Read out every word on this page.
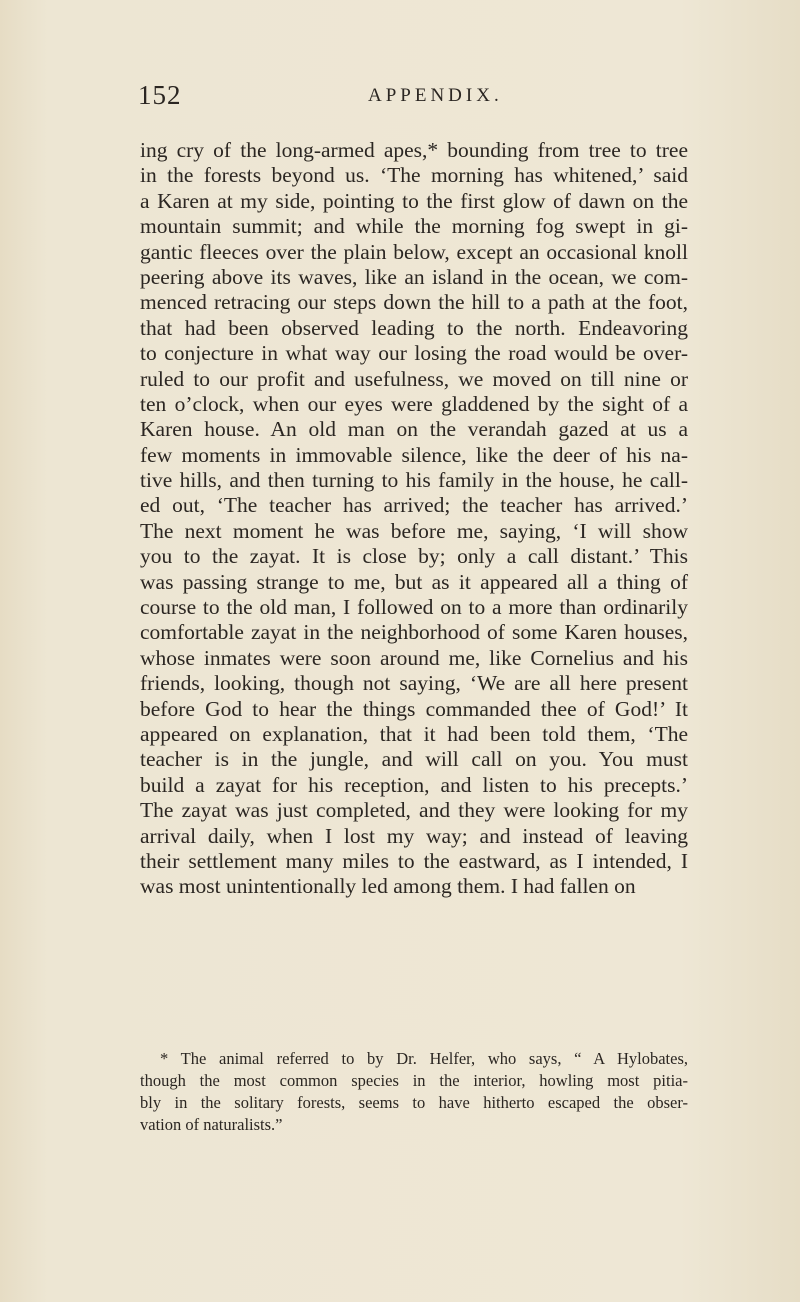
152	APPENDIX.
ing cry of the long-armed apes,* bounding from tree to tree
in the forests beyond us. ‘The morning has whitened,’ said
a Karen at my side, pointing to the first glow of dawn on the
mountain summit; and while the morning fog swept in gi-
gantic fleeces over the plain below, except an occasional knoll
peering above its waves, like an island in the ocean, we com-
menced retracing our steps down the hill to a path at the foot,
that had been observed leading to the north. Endeavoring
to conjecture in what way our losing the road would be over-
ruled to our profit and usefulness, we moved on till nine or
ten o’clock, when our eyes were gladdened by the sight of a
Karen house. An old man on the verandah gazed at us a
few moments in immovable silence, like the deer of his na-
tive hills, and then turning to his family in the house, he call-
ed out, ‘The teacher has arrived; the teacher has arrived.’
The next moment he was before me, saying, ‘I will show
you to the zayat. It is close by; only a call distant.’ This
was passing strange to me, but as it appeared all a thing of
course to the old man, I followed on to a more than ordinarily
comfortable zayat in the neighborhood of some Karen houses,
whose inmates were soon around me, like Cornelius and his
friends, looking, though not saying, ‘We are all here present
before God to hear the things commanded thee of God!’ It
appeared on explanation, that it had been told them, ‘The
teacher is in the jungle, and will call on you. You must
build a zayat for his reception, and listen to his precepts.’
The zayat was just completed, and they were looking for my
arrival daily, when I lost my way; and instead of leaving
their settlement many miles to the eastward, as I intended, I
was most unintentionally led among them. I had fallen on
* The animal referred to by Dr. Helfer, who says, “ A Hylobates,
though the most common species in the interior, howling most pitia-
bly in the solitary forests, seems to have hitherto escaped the obser-
vation of naturalists.”
